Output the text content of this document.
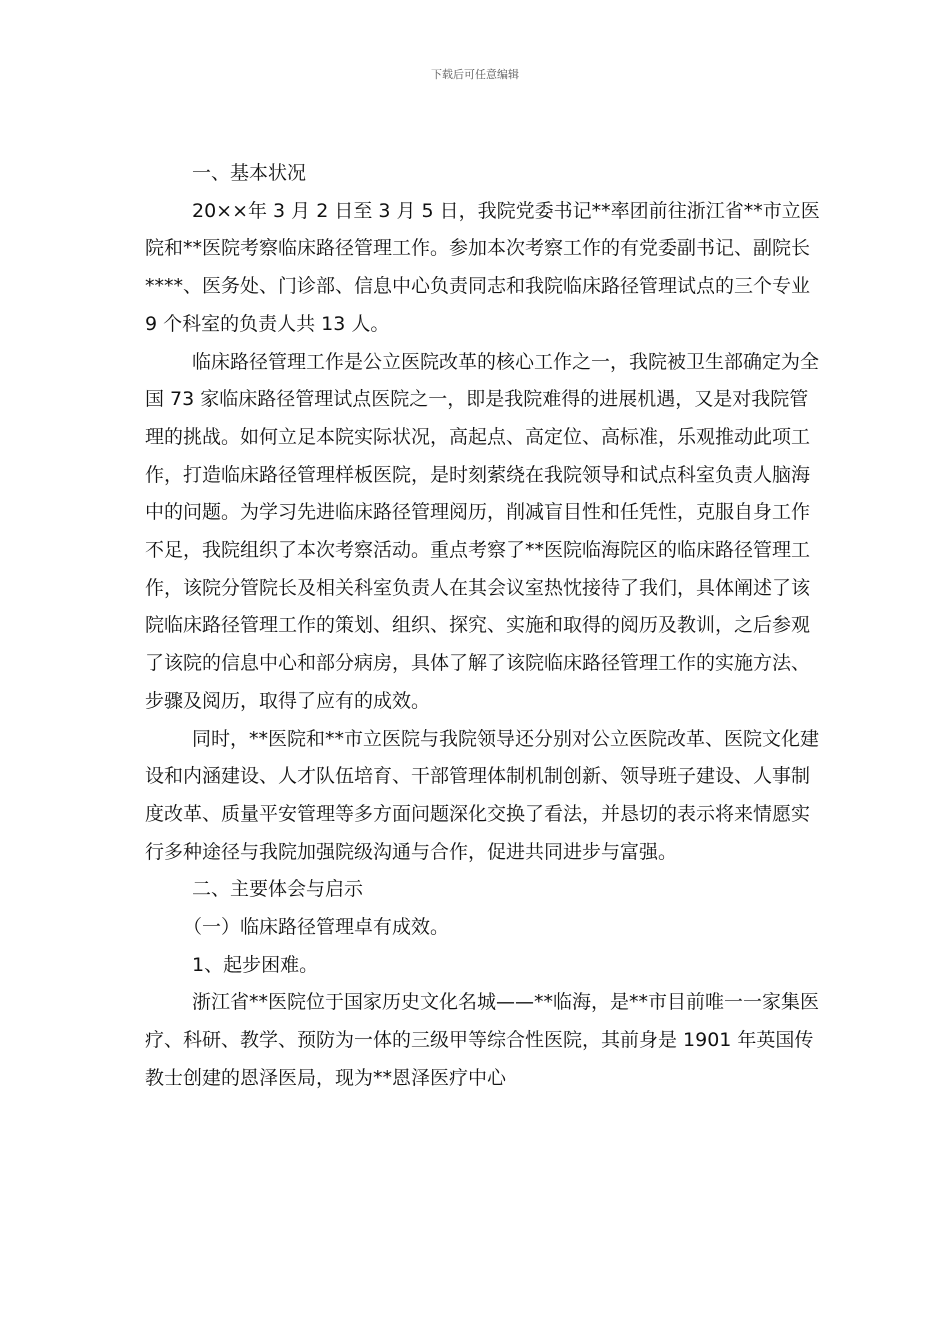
下载后可任意编辑

一、基本状况

20××年 3 月 2 日至 3 月 5 日，我院党委书记**率团前往浙江省**市立医院和**医院考察临床路径管理工作。参加本次考察工作的有党委副书记、副院长****、医务处、门诊部、信息中心负责同志和我院临床路径管理试点的三个专业 9 个科室的负责人共 13 人。

临床路径管理工作是公立医院改革的核心工作之一，我院被卫生部确定为全国 73 家临床路径管理试点医院之一，即是我院难得的进展机遇，又是对我院管理的挑战。如何立足本院实际状况，高起点、高定位、高标准，乐观推动此项工作，打造临床路径管理样板医院，是时刻萦绕在我院领导和试点科室负责人脑海中的问题。为学习先进临床路径管理阅历，削减盲目性和任凭性，克服自身工作不足，我院组织了本次考察活动。重点考察了**医院临海院区的临床路径管理工作，该院分管院长及相关科室负责人在其会议室热忱接待了我们，具体阐述了该院临床路径管理工作的策划、组织、探究、实施和取得的阅历及教训，之后参观了该院的信息中心和部分病房，具体了解了该院临床路径管理工作的实施方法、步骤及阅历，取得了应有的成效。

同时，**医院和**市立医院与我院领导还分别对公立医院改革、医院文化建设和内涵建设、人才队伍培育、干部管理体制机制创新、领导班子建设、人事制度改革、质量平安管理等多方面问题深化交换了看法，并恳切的表示将来情愿实行多种途径与我院加强院级沟通与合作，促进共同进步与富强。

二、主要体会与启示

（一）临床路径管理卓有成效。

1、起步困难。

浙江省**医院位于国家历史文化名城——**临海，是**市目前唯一一家集医疗、科研、教学、预防为一体的三级甲等综合性医院，其前身是 1901 年英国传教士创建的恩泽医局，现为**恩泽医疗中心
